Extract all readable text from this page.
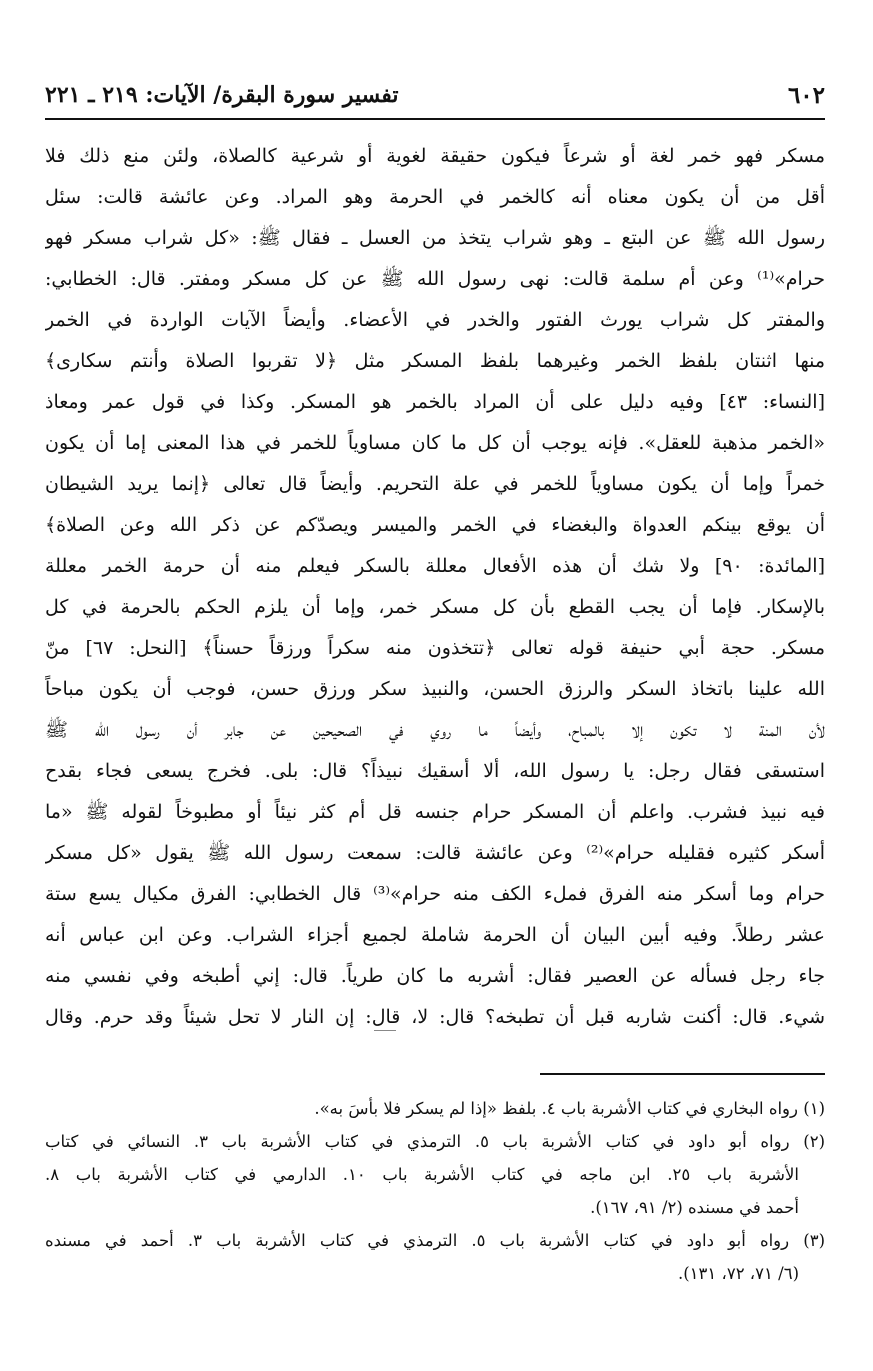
٦٠٢
تفسير سورة البقرة/ الآيات: ٢١٩ ـ ٢٢١
مسكر فهو خمر لغة أو شرعاً فيكون حقيقة لغوية أو شرعية كالصلاة، ولئن منع ذلك فلا
أقل من أن يكون معناه أنه كالخمر في الحرمة وهو المراد. وعن عائشة قالت: سئل
رسول الله ﷺ عن البتع ـ وهو شراب يتخذ من العسل ـ فقال ﷺ: «كل شراب مسكر فهو
حرام»⁽¹⁾ وعن أم سلمة قالت: نهى رسول الله ﷺ عن كل مسكر ومفتر. قال: الخطابي:
والمفتر كل شراب يورث الفتور والخدر في الأعضاء. وأيضاً الآيات الواردة في الخمر
منها اثنتان بلفظ الخمر وغيرهما بلفظ المسكر مثل ﴿لا تقربوا الصلاة وأنتم سكارى﴾
[النساء: ٤٣] وفيه دليل على أن المراد بالخمر هو المسكر. وكذا في قول عمر ومعاذ
«الخمر مذهبة للعقل». فإنه يوجب أن كل ما كان مساوياً للخمر في هذا المعنى إما أن يكون
خمراً وإما أن يكون مساوياً للخمر في علة التحريم. وأيضاً قال تعالى ﴿إنما يريد الشيطان
أن يوقع بينكم العدواة والبغضاء في الخمر والميسر ويصدّكم عن ذكر الله وعن الصلاة﴾
[المائدة: ٩٠] ولا شك أن هذه الأفعال معللة بالسكر فيعلم منه أن حرمة الخمر معللة
بالإسكار. فإما أن يجب القطع بأن كل مسكر خمر، وإما أن يلزم الحكم بالحرمة في كل
مسكر. حجة أبي حنيفة قوله تعالى ﴿تتخذون منه سكراً ورزقاً حسناً﴾ [النحل: ٦٧] منّ
الله علينا باتخاذ السكر والرزق الحسن، والنبيذ سكر ورزق حسن، فوجب أن يكون مباحاً
لأن المنة لا تكون إلا بالمباح، وأيضاً ما روي في الصحيحين عن جابر أن رسول الله ﷺ
استسقى فقال رجل: يا رسول الله، ألا أسقيك نبيذاً؟ قال: بلى. فخرج يسعى فجاء بقدح
فيه نبيذ فشرب. واعلم أن المسكر حرام جنسه قل أم كثر نيئاً أو مطبوخاً لقوله ﷺ «ما
أسكر كثيره فقليله حرام»⁽²⁾ وعن عائشة قالت: سمعت رسول الله ﷺ يقول «كل مسكر
حرام وما أسكر منه الفرق فملء الكف منه حرام»⁽³⁾ قال الخطابي: الفرق مكيال يسع ستة
عشر رطلاً. وفيه أبين البيان أن الحرمة شاملة لجميع أجزاء الشراب. وعن ابن عباس أنه
جاء رجل فسأله عن العصير فقال: أشربه ما كان طرياً. قال: إني أطبخه وفي نفسي منه
شيء. قال: أكنت شاربه قبل أن تطبخه؟ قال: لا، قال: إن النار لا تحل شيئاً وقد حرم. وقال
(١) رواه البخاري في كتاب الأشربة باب ٤. بلفظ «إذا لم يسكر فلا بأسَ به».
(٢) رواه أبو داود في كتاب الأشربة باب ٥. الترمذي في كتاب الأشربة باب ٣. النسائي في كتاب
الأشربة باب ٢٥. ابن ماجه في كتاب الأشربة باب ١٠. الدارمي في كتاب الأشربة باب ٨.
أحمد في مسنده (٢/ ٩١، ١٦٧).
(٣) رواه أبو داود في كتاب الأشربة باب ٥. الترمذي في كتاب الأشربة باب ٣. أحمد في مسنده
(٦/ ٧١، ٧٢، ١٣١).
